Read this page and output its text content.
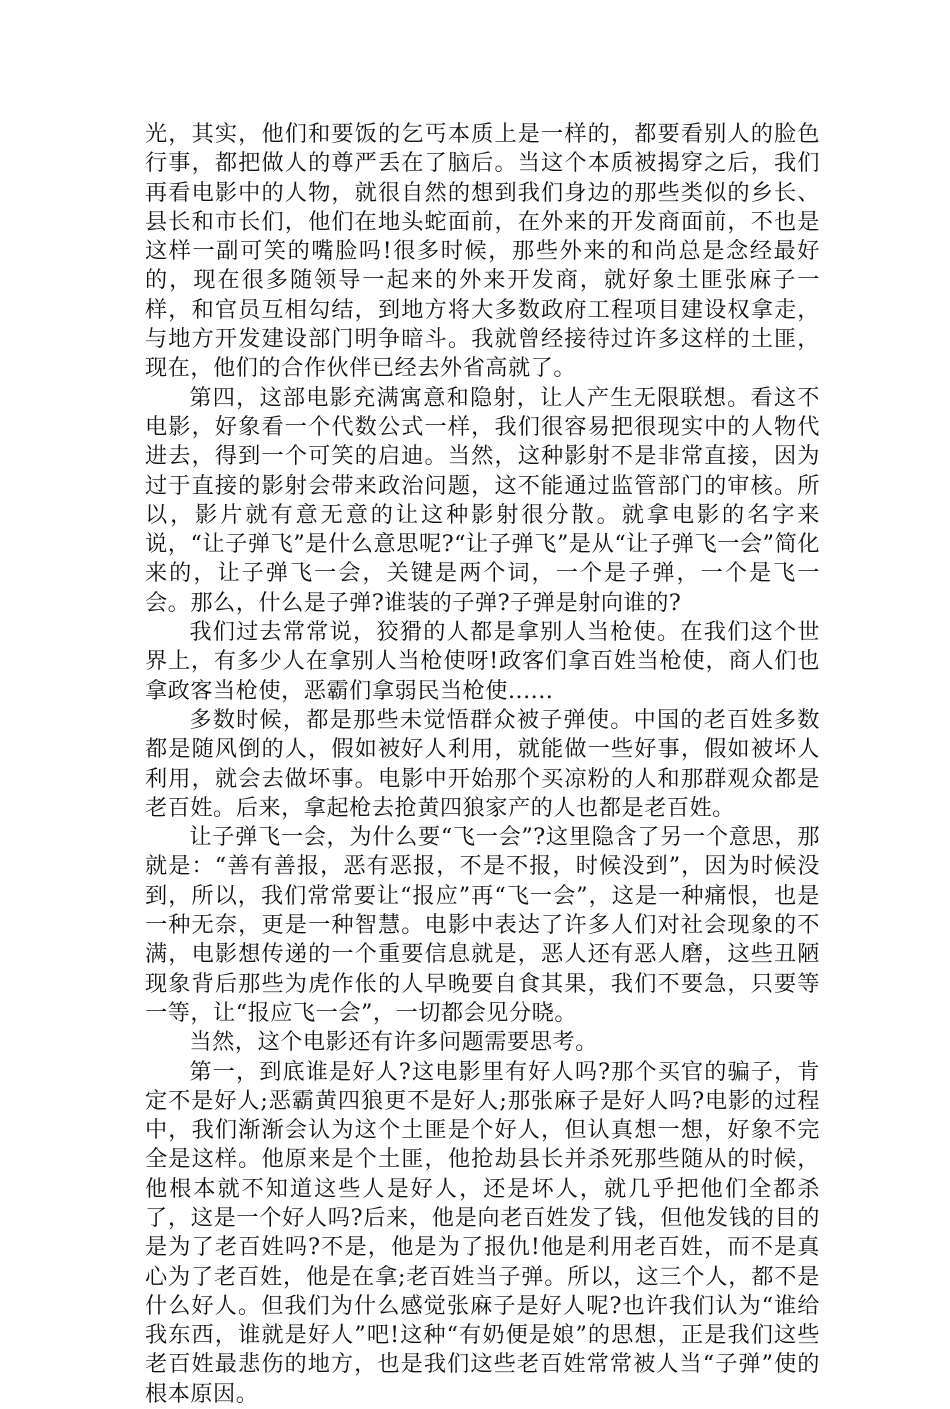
光，其实，他们和要饭的乞丐本质上是一样的，都要看别人的脸色行事，都把做人的尊严丢在了脑后。当这个本质被揭穿之后，我们再看电影中的人物，就很自然的想到我们身边的那些类似的乡长、县长和市长们，他们在地头蛇面前，在外来的开发商面前，不也是这样一副可笑的嘴脸吗!很多时候，那些外来的和尚总是念经最好的，现在很多随领导一起来的外来开发商，就好象土匪张麻子一样，和官员互相勾结，到地方将大多数政府工程项目建设权拿走，与地方开发建设部门明争暗斗。我就曾经接待过许多这样的土匪，现在，他们的合作伙伴已经去外省高就了。

第四，这部电影充满寓意和隐射，让人产生无限联想。看这不电影，好象看一个代数公式一样，我们很容易把很现实中的人物代进去，得到一个可笑的启迪。当然，这种影射不是非常直接，因为过于直接的影射会带来政治问题，这不能通过监管部门的审核。所以，影片就有意无意的让这种影射很分散。就拿电影的名字来说，“让子弹飞”是什么意思呢?“让子弹飞”是从“让子弹飞一会”简化来的，让子弹飞一会，关键是两个词，一个是子弹，一个是飞一会。那么，什么是子弹?谁装的子弹?子弹是射向谁的?

我们过去常常说，狡猾的人都是拿别人当枪使。在我们这个世界上，有多少人在拿别人当枪使呀!政客们拿百姓当枪使，商人们也拿政客当枪使，恶霸们拿弱民当枪使......

多数时候，都是那些未觉悟群众被子弹使。中国的老百姓多数都是随风倒的人，假如被好人利用，就能做一些好事，假如被坏人利用，就会去做坏事。电影中开始那个买凉粉的人和那群观众都是老百姓。后来，拿起枪去抢黄四狼家产的人也都是老百姓。

让子弹飞一会，为什么要“飞一会”?这里隐含了另一个意思，那就是：“善有善报，恶有恶报，不是不报，时候没到”，因为时候没到，所以，我们常常要让“报应”再“飞一会”，这是一种痛恨，也是一种无奈，更是一种智慧。电影中表达了许多人们对社会现象的不满，电影想传递的一个重要信息就是，恶人还有恶人磨，这些丑陋现象背后那些为虎作伥的人早晚要自食其果，我们不要急，只要等一等，让“报应飞一会”，一切都会见分晓。

当然，这个电影还有许多问题需要思考。

第一，到底谁是好人?这电影里有好人吗?那个买官的骗子，肯定不是好人;恶霸黄四狼更不是好人;那张麻子是好人吗?电影的过程中，我们渐渐会认为这个土匪是个好人，但认真想一想，好象不完全是这样。他原来是个土匪，他抢劫县长并杀死那些随从的时候，他根本就不知道这些人是好人，还是坏人，就几乎把他们全都杀了，这是一个好人吗?后来，他是向老百姓发了钱，但他发钱的目的是为了老百姓吗?不是，他是为了报仇!他是利用老百姓，而不是真心为了老百姓，他是在拿;老百姓当子弹。所以，这三个人，都不是什么好人。但我们为什么感觉张麻子是好人呢?也许我们认为“谁给我东西，谁就是好人”吧!这种“有奶便是娘”的思想，正是我们这些老百姓最悲伤的地方，也是我们这些老百姓常常被人当“子弹”使的根本原因。
